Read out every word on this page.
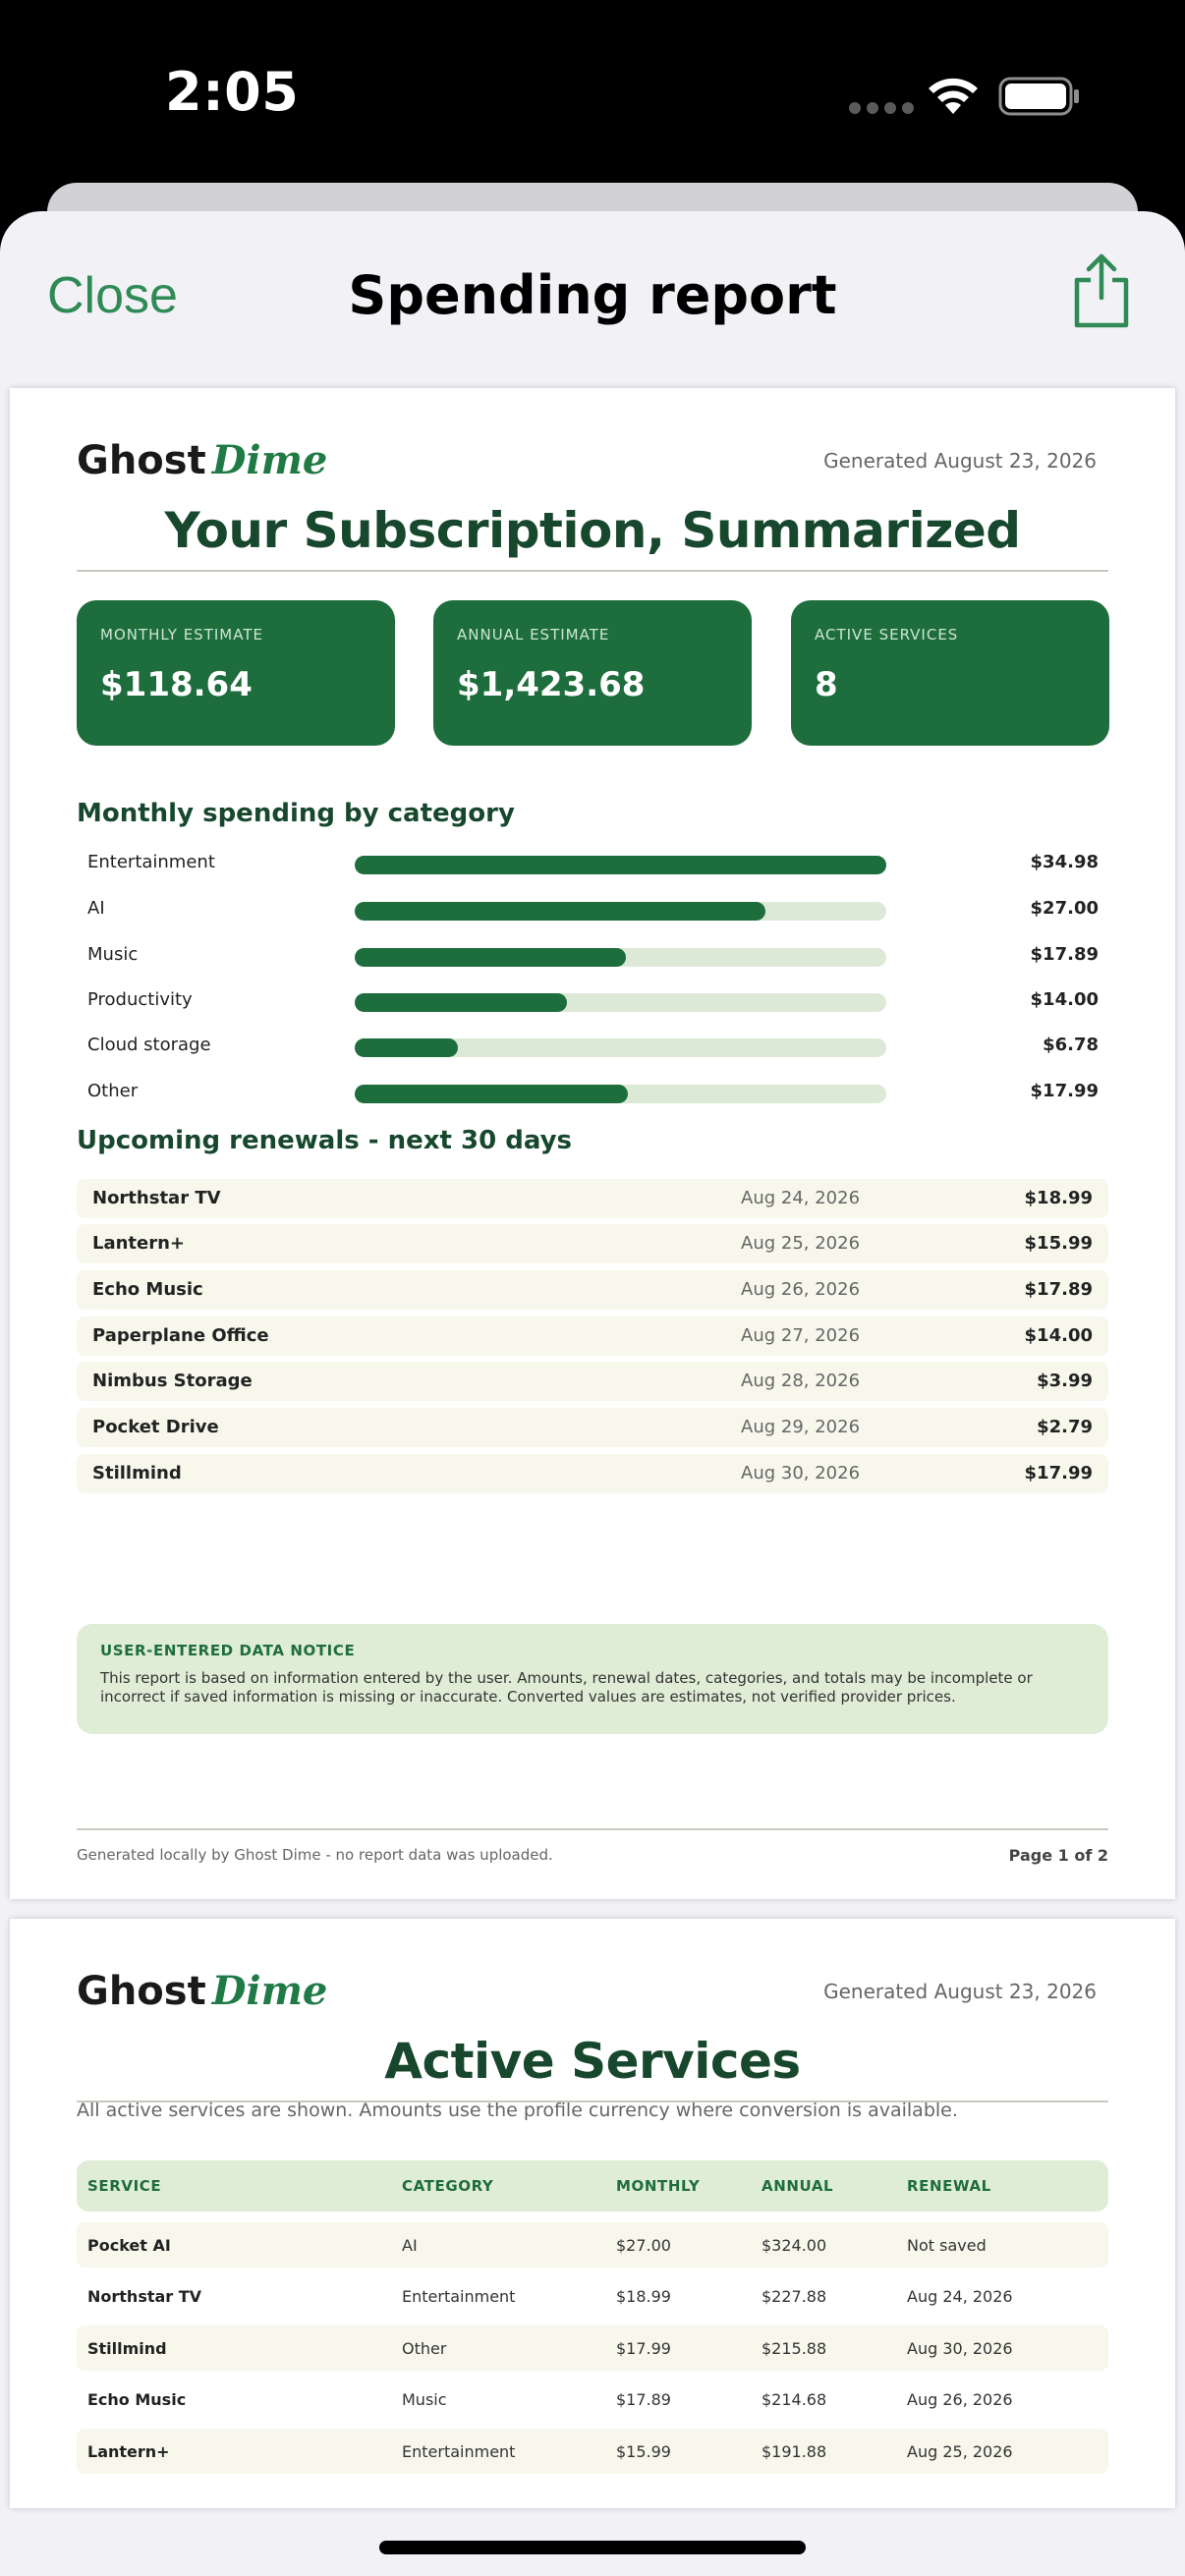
2:05
Close	Spending report
Ghost Dime	Generated August 23, 2026
Your Subscription, Summarized
MONTHLY ESTIMATE
$118.64
ANNUAL ESTIMATE
$1,423.68
ACTIVE SERVICES
8
Monthly spending by category
Entertainment	$34.98
AI	$27.00
Music	$17.89
Productivity	$14.00
Cloud storage	$6.78
Other	$17.99
Upcoming renewals - next 30 days
Northstar TV	Aug 24, 2026	$18.99
Lantern+	Aug 25, 2026	$15.99
Echo Music	Aug 26, 2026	$17.89
Paperplane Office	Aug 27, 2026	$14.00
Nimbus Storage	Aug 28, 2026	$3.99
Pocket Drive	Aug 29, 2026	$2.79
Stillmind	Aug 30, 2026	$17.99
USER-ENTERED DATA NOTICE
This report is based on information entered by the user. Amounts, renewal dates, categories, and totals may be incomplete or incorrect if saved information is missing or inaccurate. Converted values are estimates, not verified provider prices.
Generated locally by Ghost Dime - no report data was uploaded.	Page 1 of 2
Ghost Dime	Generated August 23, 2026
Active Services
All active services are shown. Amounts use the profile currency where conversion is available.
SERVICE	CATEGORY	MONTHLY	ANNUAL	RENEWAL
Pocket AI	AI	$27.00	$324.00	Not saved
Northstar TV	Entertainment	$18.99	$227.88	Aug 24, 2026
Stillmind	Other	$17.99	$215.88	Aug 30, 2026
Echo Music	Music	$17.89	$214.68	Aug 26, 2026
Lantern+	Entertainment	$15.99	$191.88	Aug 25, 2026
